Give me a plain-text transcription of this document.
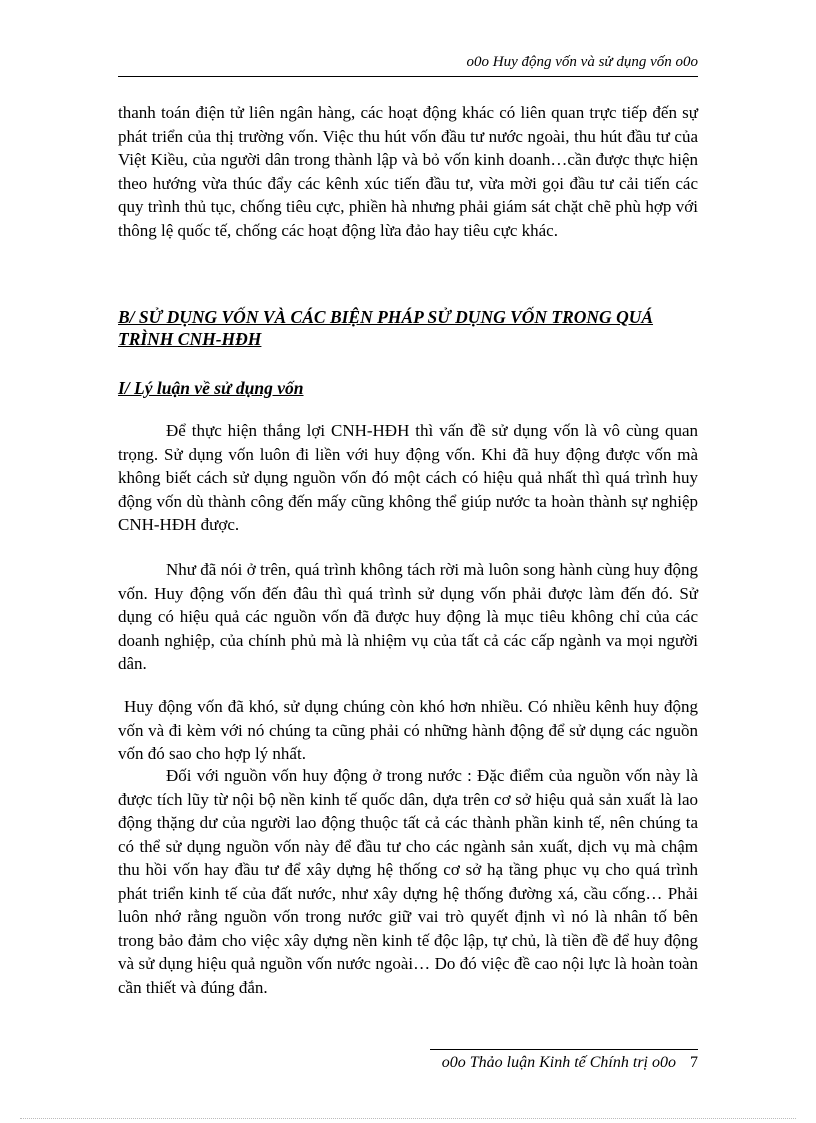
o0o Huy động vốn và sử dụng vốn o0o

thanh toán điện tử liên ngân hàng, các hoạt động khác có liên quan trực tiếp đến sự phát triển của thị trường vốn. Việc thu hút vốn đầu tư nước ngoài, thu hút đầu tư của Việt Kiều, của người dân trong thành lập và bỏ vốn kinh doanh…cần được thực hiện theo hướng vừa thúc đẩy các kênh xúc tiến đầu tư, vừa mời gọi đầu tư cải tiến các quy trình thủ tục, chống tiêu cực, phiền hà nhưng phải giám sát chặt chẽ phù hợp với thông lệ quốc tế, chống các hoạt động lừa đảo hay tiêu cực khác.

B/ SỬ DỤNG VỐN VÀ CÁC BIỆN PHÁP SỬ DỤNG VỐN TRONG QUÁ TRÌNH CNH-HĐH
I/ Lý luận về sử dụng vốn

Để thực hiện thắng lợi CNH-HĐH thì vấn đề sử dụng vốn là vô cùng quan trọng. Sử dụng vốn luôn đi liền với huy động vốn. Khi đã huy động được vốn mà không biết cách sử dụng nguồn vốn đó một cách có hiệu quả nhất thì quá trình huy động vốn dù thành công đến mấy cũng không thể giúp nước ta hoàn thành sự nghiệp CNH-HĐH được.

Như đã nói ở trên, quá trình không tách rời mà luôn song hành cùng huy động vốn. Huy động vốn đến đâu thì quá trình sử dụng vốn phải được làm đến đó. Sử dụng có hiệu quả các nguồn vốn đã được huy động là mục tiêu không chỉ của các doanh nghiệp, của chính phủ mà là nhiệm vụ của tất cả các cấp ngành va mọi người dân.

Huy động vốn đã khó, sử dụng chúng còn khó hơn nhiều. Có nhiều kênh huy động vốn và đi kèm với nó chúng ta cũng phải có những hành động để sử dụng các nguồn vốn đó sao cho hợp lý nhất.

Đối với nguồn vốn huy động ở trong nước : Đặc điểm của nguồn vốn này là được tích lũy từ nội bộ nền kinh tế quốc dân, dựa trên cơ sở hiệu quả sản xuất là lao động thặng dư của người lao động thuộc tất cả các thành phần kinh tế, nên chúng ta có thể sử dụng nguồn vốn này để đầu tư cho các ngành sản xuất, dịch vụ mà chậm thu hồi vốn hay đầu tư để xây dựng hệ thống cơ sở hạ tầng phục vụ cho quá trình phát triển kinh tế của đất nước, như xây dựng hệ thống đường xá, cầu cống… Phải luôn nhớ rằng nguồn vốn trong nước giữ vai trò quyết định vì nó là nhân tố bên trong bảo đảm cho việc xây dựng nền kinh tế độc lập, tự chủ, là tiền đề để huy động và sử dụng hiệu quả nguồn vốn nước ngoài… Do đó việc đề cao nội lực là hoàn toàn cần thiết và đúng đắn.

o0o Thảo luận Kinh tế Chính trị o0o 7
